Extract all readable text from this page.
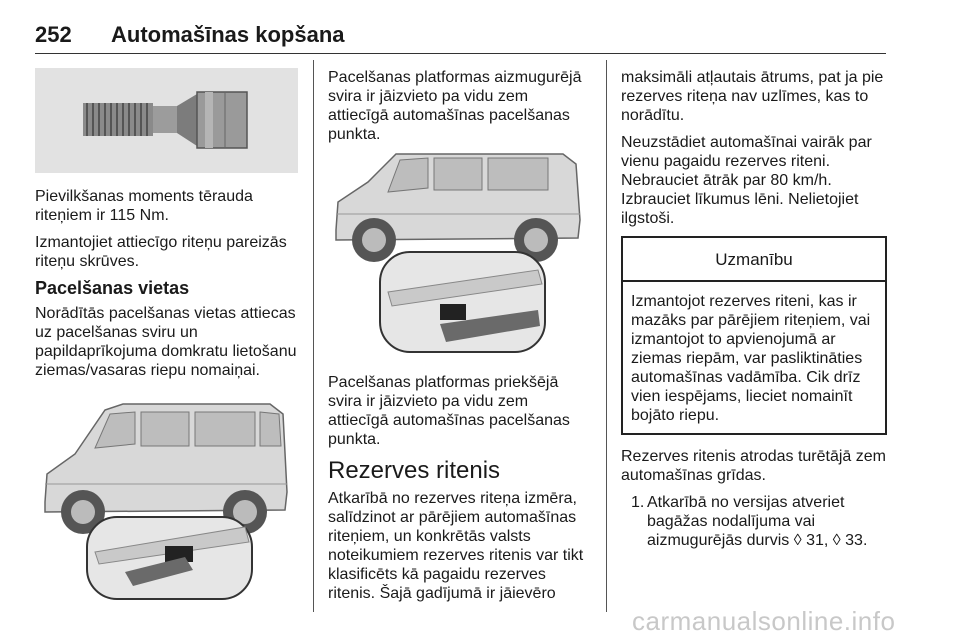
252 Automašīnas kopšana

Pievilkšanas moments tērauda riteņiem ir 115 Nm.

Izmantojiet attiecīgo riteņu pareizās riteņu skrūves.

Pacelšanas vietas

Norādītās pacelšanas vietas attiecas uz pacelšanas sviru un papildaprīkojuma domkratu lietošanu ziemas/vasaras riepu nomaiņai.

Pacelšanas platformas aizmugurējā svira ir jāizvieto pa vidu zem attiecīgā automašīnas pacelšanas punkta.

Pacelšanas platformas priekšējā svira ir jāizvieto pa vidu zem attiecīgā automašīnas pacelšanas punkta.

Rezerves ritenis

Atkarībā no rezerves riteņa izmēra, salīdzinot ar pārējiem automašīnas riteņiem, un konkrētās valsts noteikumiem rezerves ritenis var tikt klasificēts kā pagaidu rezerves ritenis. Šajā gadījumā ir jāievēro

maksimāli atļautais ātrums, pat ja pie rezerves riteņa nav uzlīmes, kas to norādītu.

Neuzstādiet automašīnai vairāk par vienu pagaidu rezerves riteni. Nebrauciet ātrāk par 80 km/h. Izbrauciet līkumus lēni. Nelietojiet ilgstoši.

Uzmanību
Izmantojot rezerves riteni, kas ir mazāks par pārējiem riteņiem, vai izmantojot to apvienojumā ar ziemas riepām, var pasliktināties automašīnas vadāmība. Cik drīz vien iespējams, lieciet nomainīt bojāto riepu.

Rezerves ritenis atrodas turētājā zem automašīnas grīdas.

1. Atkarībā no versijas atveriet bagāžas nodalījuma vai aizmugurējās durvis ◊ 31, ◊ 33.
carmanualsonline.info
